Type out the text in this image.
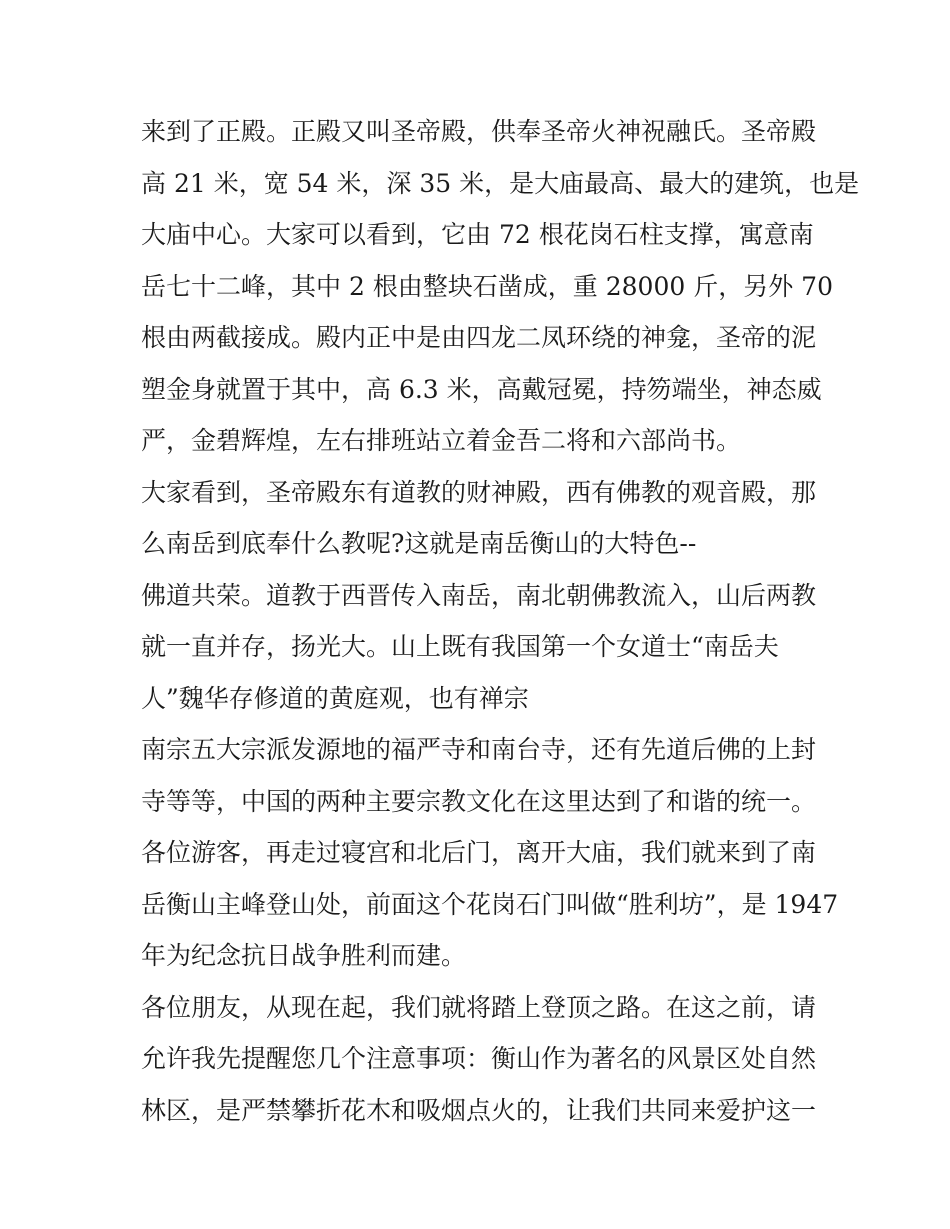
来到了正殿。正殿又叫圣帝殿，供奉圣帝火神祝融氏。圣帝殿
高 21 米，宽 54 米，深 35 米，是大庙最高、最大的建筑，也是
大庙中心。大家可以看到，它由 72 根花岗石柱支撑，寓意南
岳七十二峰，其中 2 根由整块石凿成，重 28000 斤，另外 70
根由两截接成。殿内正中是由四龙二凤环绕的神龛，圣帝的泥
塑金身就置于其中，高 6.3 米，高戴冠冕，持笏端坐，神态威
严，金碧辉煌，左右排班站立着金吾二将和六部尚书。
大家看到，圣帝殿东有道教的财神殿，西有佛教的观音殿，那
么南岳到底奉什么教呢?这就是南岳衡山的大特色--
佛道共荣。道教于西晋传入南岳，南北朝佛教流入，山后两教
就一直并存，扬光大。山上既有我国第一个女道士“南岳夫
人”魏华存修道的黄庭观，也有禅宗
南宗五大宗派发源地的福严寺和南台寺，还有先道后佛的上封
寺等等，中国的两种主要宗教文化在这里达到了和谐的统一。
各位游客，再走过寝宫和北后门，离开大庙，我们就来到了南
岳衡山主峰登山处，前面这个花岗石门叫做“胜利坊”，是 1947
年为纪念抗日战争胜利而建。
各位朋友，从现在起，我们就将踏上登顶之路。在这之前，请
允许我先提醒您几个注意事项：衡山作为著名的风景区处自然
林区，是严禁攀折花木和吸烟点火的，让我们共同来爱护这一
